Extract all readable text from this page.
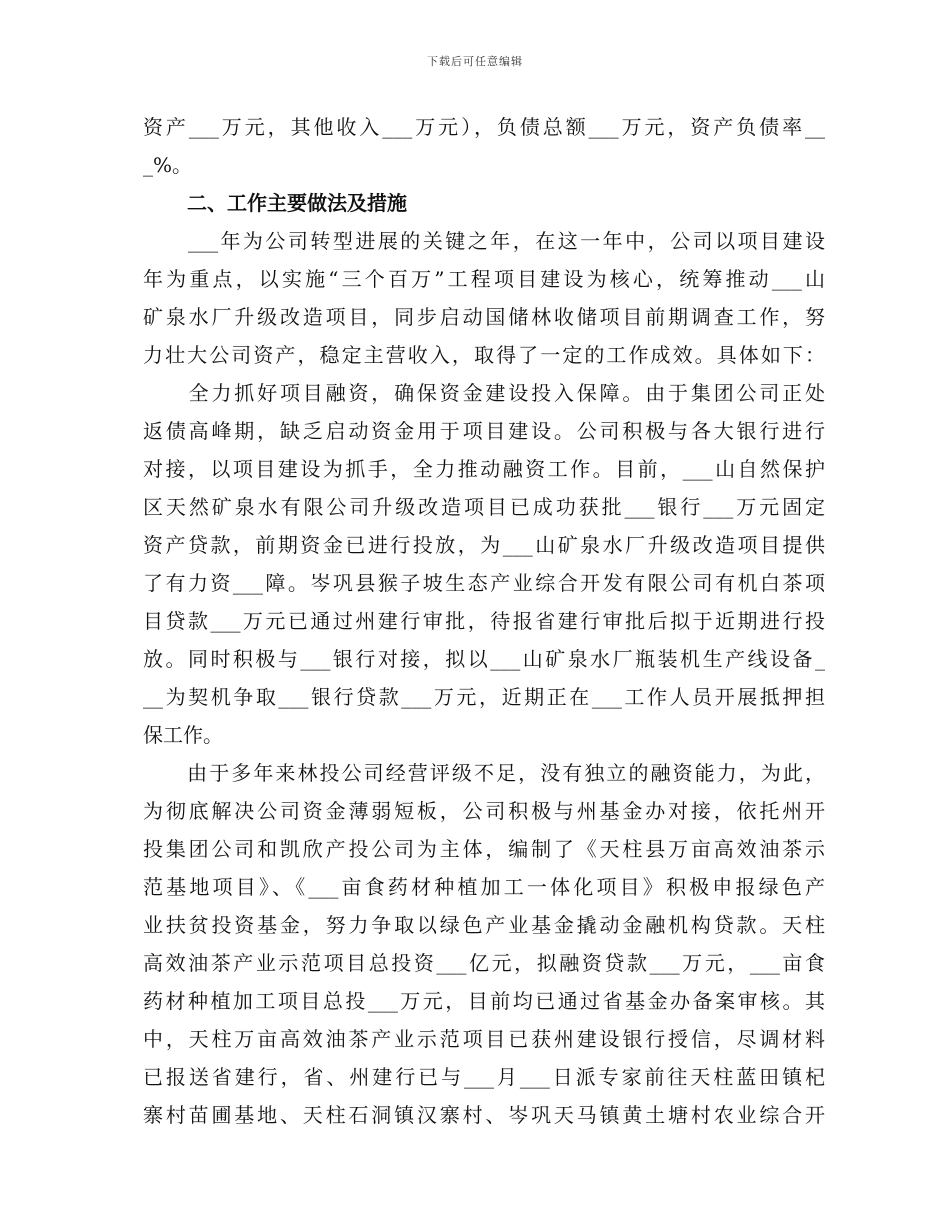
下载后可任意编辑
资产___万元，其他收入___万元），负债总额___万元，资产负债率__
_%。
二、工作主要做法及措施
　　___年为公司转型进展的关键之年，在这一年中，公司以项目建设
年为重点，以实施“三个百万”工程项目建设为核心，统筹推动___山
矿泉水厂升级改造项目，同步启动国储林收储项目前期调查工作，努
力壮大公司资产，稳定主营收入，取得了一定的工作成效。具体如下：
　　全力抓好项目融资，确保资金建设投入保障。由于集团公司正处
返债高峰期，缺乏启动资金用于项目建设。公司积极与各大银行进行
对接，以项目建设为抓手，全力推动融资工作。目前，___山自然保护
区天然矿泉水有限公司升级改造项目已成功获批___银行___万元固定
资产贷款，前期资金已进行投放，为___山矿泉水厂升级改造项目提供
了有力资___障。岑巩县猴子坡生态产业综合开发有限公司有机白茶项
目贷款___万元已通过州建行审批，待报省建行审批后拟于近期进行投
放。同时积极与___银行对接，拟以___山矿泉水厂瓶装机生产线设备_
__为契机争取___银行贷款___万元，近期正在___工作人员开展抵押担
保工作。
　　由于多年来林投公司经营评级不足，没有独立的融资能力，为此，
为彻底解决公司资金薄弱短板，公司积极与州基金办对接，依托州开
投集团公司和凯欣产投公司为主体，编制了《天柱县万亩高效油茶示
范基地项目》、《___亩食药材种植加工一体化项目》积极申报绿色产
业扶贫投资基金，努力争取以绿色产业基金撬动金融机构贷款。天柱
高效油茶产业示范项目总投资___亿元，拟融资贷款___万元，___亩食
药材种植加工项目总投___万元，目前均已通过省基金办备案审核。其
中，天柱万亩高效油茶产业示范项目已获州建设银行授信，尽调材料
已报送省建行，省、州建行已与___月___日派专家前往天柱蓝田镇杞
寨村苗圃基地、天柱石洞镇汉寨村、岑巩天马镇黄土塘村农业综合开
